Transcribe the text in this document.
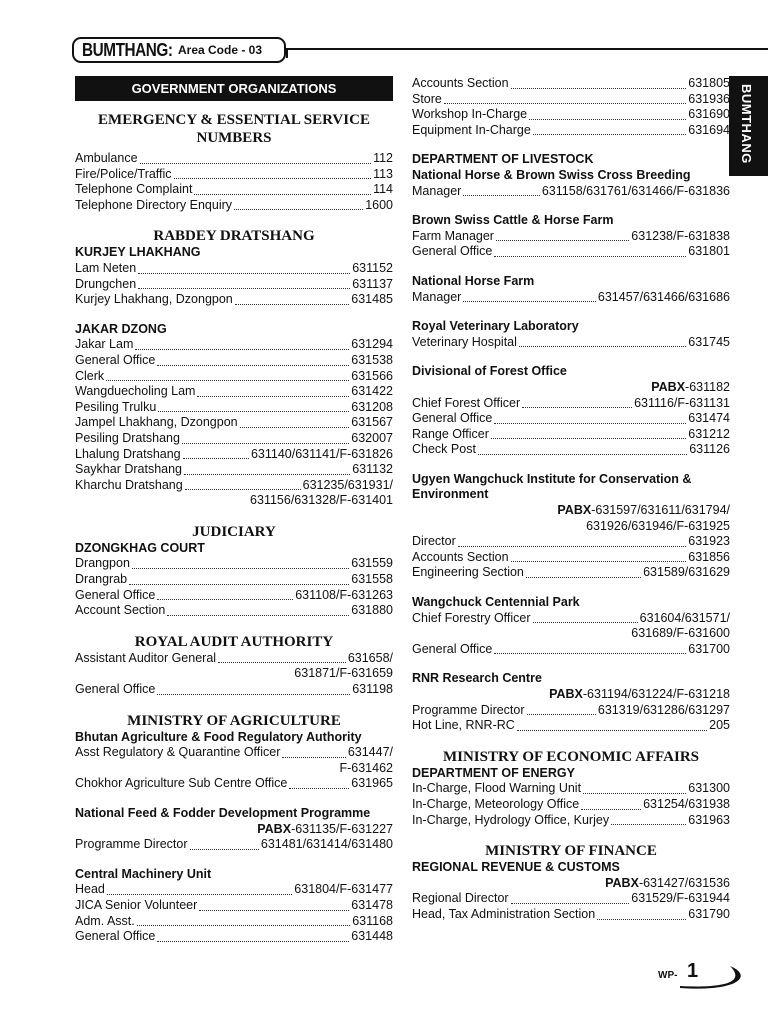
BUMTHANG: Area Code - 03
BUMTHANG
GOVERNMENT ORGANIZATIONS
EMERGENCY & ESSENTIAL SERVICE NUMBERS
Ambulance	112
Fire/Police/Traffic	113
Telephone Complaint	114
Telephone Directory Enquiry	1600
RABDEY DRATSHANG
KURJEY LHAKHANG
Lam Neten	631152
Drungchen	631137
Kurjey Lhakhang, Dzongpon	631485
JAKAR DZONG
Jakar Lam	631294
General Office	631538
Clerk	631566
Wangduecholing Lam	631422
Pesiling Trulku	631208
Jampel Lhakhang, Dzongpon	631567
Pesiling Dratshang	632007
Lhalung Dratshang	631140/631141/F-631826
Saykhar Dratshang	631132
Kharchu Dratshang	631235/631931/
631156/631328/F-631401
JUDICIARY
DZONGKHAG COURT
Drangpon	631559
Drangrab	631558
General Office	631108/F-631263
Account Section	631880
ROYAL AUDIT AUTHORITY
Assistant Auditor General	631658/
631871/F-631659
General Office	631198
MINISTRY OF AGRICULTURE
Bhutan Agriculture & Food Regulatory Authority
Asst Regulatory & Quarantine Officer	631447/
F-631462
Chokhor Agriculture Sub Centre Office	631965
National Feed & Fodder Development Programme
PABX-631135/F-631227
Programme Director	631481/631414/631480
Central Machinery Unit
Head	631804/F-631477
JICA Senior Volunteer	631478
Adm. Asst.	631168
General Office	631448
Accounts Section	631805
Store	631936
Workshop In-Charge	631690
Equipment In-Charge	631694
DEPARTMENT OF LIVESTOCK
National Horse & Brown Swiss Cross Breeding
Manager	631158/631761/631466/F-631836
Brown Swiss Cattle & Horse Farm
Farm Manager	631238/F-631838
General Office	631801
National Horse Farm
Manager	631457/631466/631686
Royal Veterinary Laboratory
Veterinary Hospital	631745
Divisional of Forest Office
PABX-631182
Chief Forest Officer	631116/F-631131
General Office	631474
Range Officer	631212
Check Post	631126
Ugyen Wangchuck Institute for Conservation & Environment
PABX-631597/631611/631794/
631926/631946/F-631925
Director	631923
Accounts Section	631856
Engineering Section	631589/631629
Wangchuck Centennial Park
Chief Forestry Officer	631604/631571/
631689/F-631600
General Office	631700
RNR Research Centre
PABX-631194/631224/F-631218
Programme Director	631319/631286/631297
Hot Line, RNR-RC	205
MINISTRY OF ECONOMIC AFFAIRS
DEPARTMENT OF ENERGY
In-Charge, Flood Warning Unit	631300
In-Charge, Meteorology Office	631254/631938
In-Charge, Hydrology Office, Kurjey	631963
MINISTRY OF FINANCE
REGIONAL REVENUE & CUSTOMS
PABX-631427/631536
Regional Director	631529/F-631944
Head, Tax Administration Section	631790
WP- 1
